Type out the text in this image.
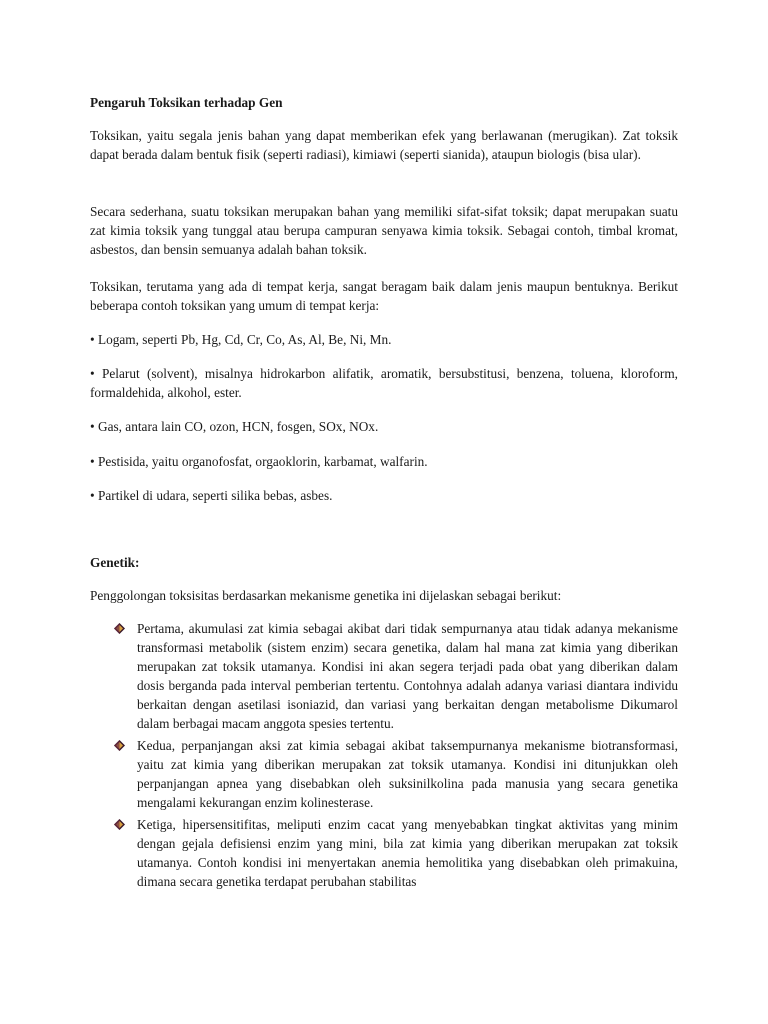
Pengaruh Toksikan terhadap Gen

Toksikan, yaitu segala jenis bahan yang dapat memberikan efek yang berlawanan (merugikan). Zat toksik dapat berada dalam bentuk fisik (seperti radiasi), kimiawi (seperti sianida), ataupun biologis (bisa ular).

Secara sederhana, suatu toksikan merupakan bahan yang memiliki sifat-sifat toksik; dapat merupakan suatu zat kimia toksik yang tunggal atau berupa campuran senyawa kimia toksik. Sebagai contoh, timbal kromat, asbestos, dan bensin semuanya adalah bahan toksik.

Toksikan, terutama yang ada di tempat kerja, sangat beragam baik dalam jenis maupun bentuknya. Berikut beberapa contoh toksikan yang umum di tempat kerja:

• Logam, seperti Pb, Hg, Cd, Cr, Co, As, Al, Be, Ni, Mn.

• Pelarut (solvent), misalnya hidrokarbon alifatik, aromatik, bersubstitusi, benzena, toluena, kloroform, formaldehida, alkohol, ester.

• Gas, antara lain CO, ozon, HCN, fosgen, SOx, NOx.

• Pestisida, yaitu organofosfat, orgaoklorin, karbamat, walfarin.

• Partikel di udara, seperti silika bebas, asbes.

Genetik:

Penggolongan toksisitas berdasarkan mekanisme genetika ini dijelaskan sebagai berikut:

Pertama, akumulasi zat kimia sebagai akibat dari tidak sempurnanya atau tidak adanya mekanisme transformasi metabolik (sistem enzim) secara genetika, dalam hal mana zat kimia yang diberikan merupakan zat toksik utamanya. Kondisi ini akan segera terjadi pada obat yang diberikan dalam dosis berganda pada interval pemberian tertentu. Contohnya adalah adanya variasi diantara individu berkaitan dengan asetilasi isoniazid, dan variasi yang berkaitan dengan metabolisme Dikumarol dalam berbagai macam anggota spesies tertentu.
Kedua, perpanjangan aksi zat kimia sebagai akibat taksempurnanya mekanisme biotransformasi, yaitu zat kimia yang diberikan merupakan zat toksik utamanya. Kondisi ini ditunjukkan oleh perpanjangan apnea yang disebabkan oleh suksinilkolina pada manusia yang secara genetika mengalami kekurangan enzim kolinesterase.
Ketiga, hipersensitifitas, meliputi enzim cacat yang menyebabkan tingkat aktivitas yang minim dengan gejala defisiensi enzim yang mini, bila zat kimia yang diberikan merupakan zat toksik utamanya. Contoh kondisi ini menyertakan anemia hemolitika yang disebabkan oleh primakuina, dimana secara genetika terdapat perubahan stabilitas
